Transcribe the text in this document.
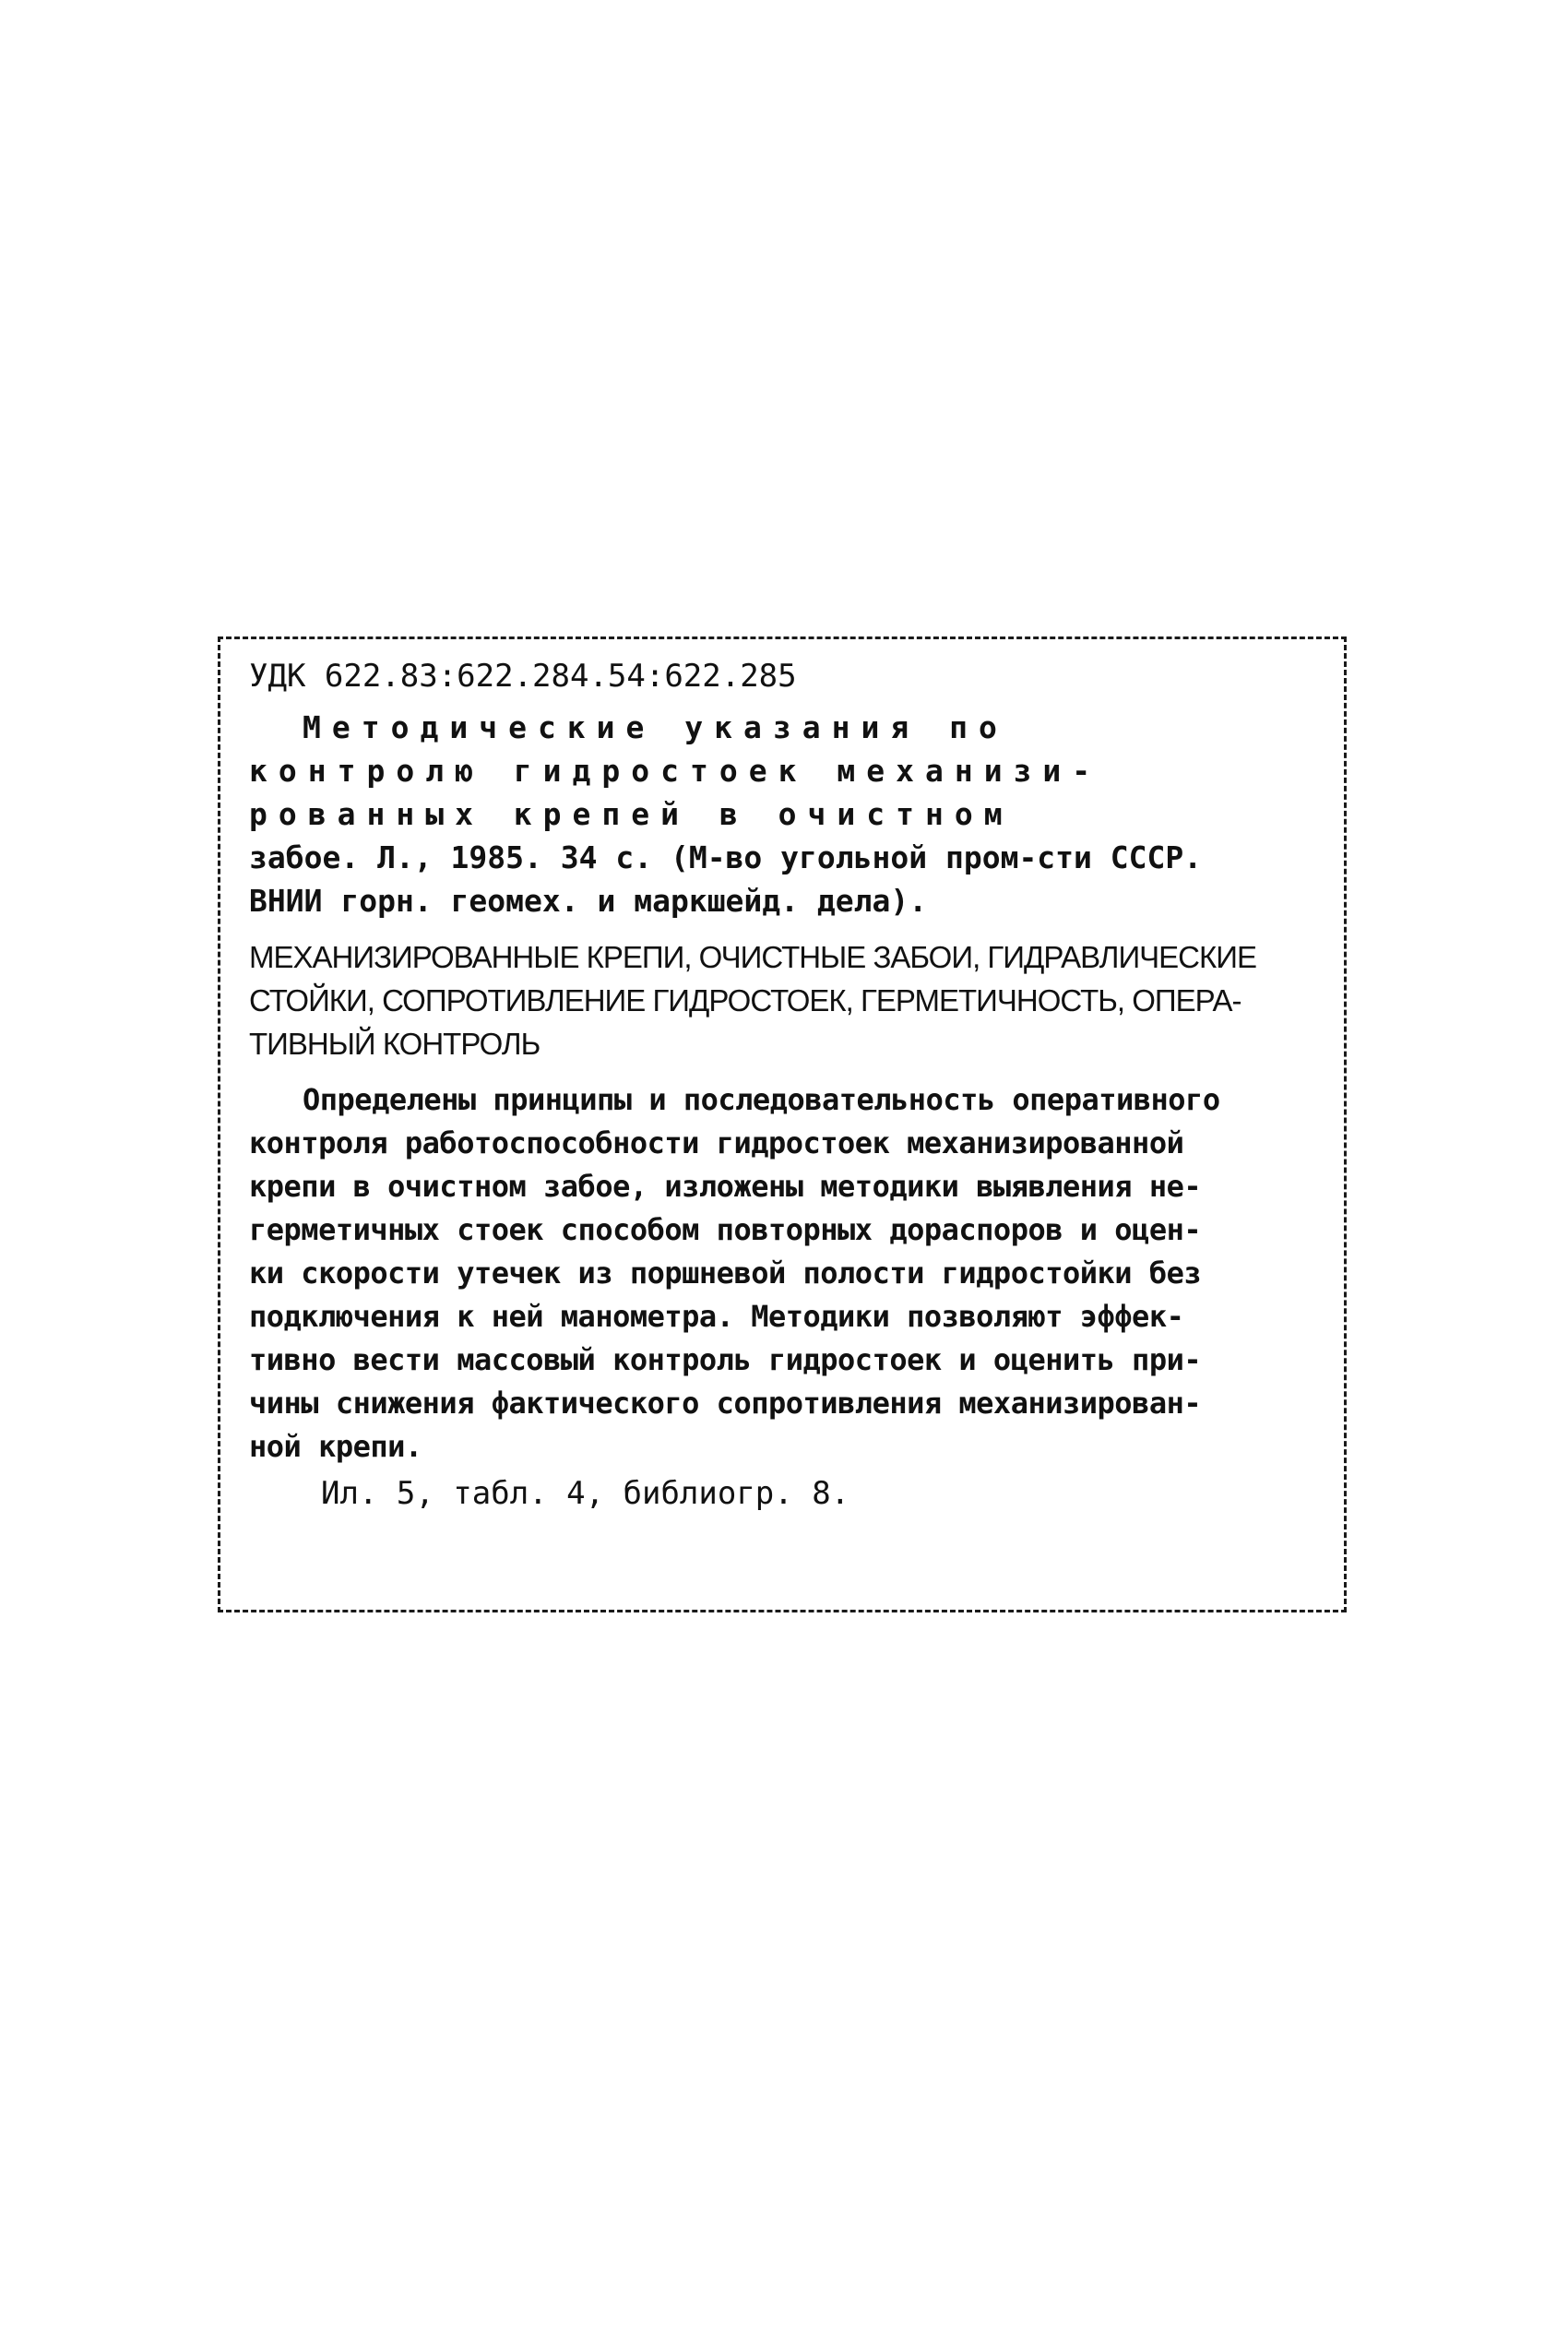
УДК 622.83:622.284.54:622.285
Методические указания по
контролю гидростоек механизи-
рованных крепей в очистном
забое. Л., 1985. 34 с. (М-во угольной пром-сти СССР.
ВНИИ горн. геомех. и маркшейд. дела).
МЕХАНИЗИРОВАННЫЕ КРЕПИ, ОЧИСТНЫЕ ЗАБОИ, ГИДРАВЛИЧЕСКИЕ
СТОЙКИ, СОПРОТИВЛЕНИЕ ГИДРОСТОЕК, ГЕРМЕТИЧНОСТЬ, ОПЕРА-
ТИВНЫЙ КОНТРОЛЬ
Определены принципы и последовательность оперативного
контроля работоспособности гидростоек механизированной
крепи в очистном забое, изложены методики выявления не-
герметичных стоек способом повторных дораспоров и оцен-
ки скорости утечек из поршневой полости гидростойки без
подключения к ней манометра. Методики позволяют эффек-
тивно вести массовый контроль гидростоек и оценить при-
чины снижения фактического сопротивления механизирован-
ной крепи.
Ил. 5, табл. 4, библиогр. 8.
